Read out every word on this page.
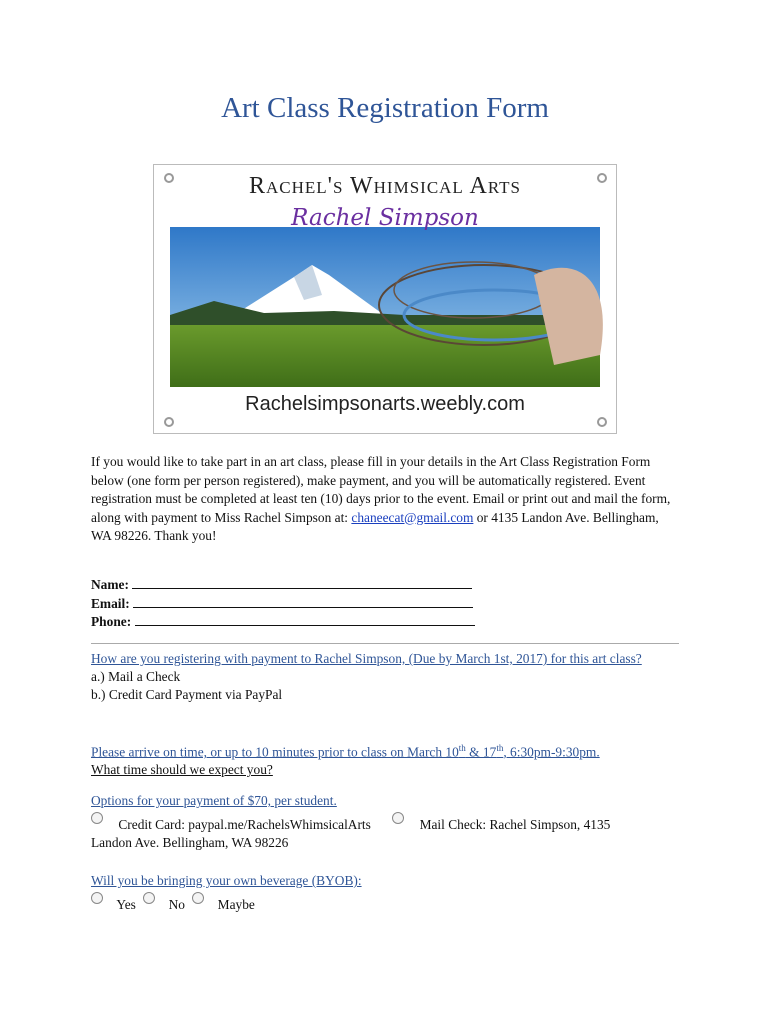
Art Class Registration Form
Rachel's Whimsical Arts
Rachel Simpson
Rachelsimpsonarts.weebly.com
If you would like to take part in an art class, please fill in your details in the Art Class Registration Form below (one form per person registered), make payment, and you will be automatically registered. Event registration must be completed at least ten (10) days prior to the event. Email or print out and mail the form, along with payment to Miss Rachel Simpson at: chaneecat@gmail.com or 4135 Landon Ave. Bellingham, WA 98226. Thank you!
Name:
Email:
Phone:
How are you registering with payment to Rachel Simpson, (Due by March 1st, 2017) for this art class?
a.) Mail a Check
b.) Credit Card Payment via PayPal
Please arrive on time, or up to 10 minutes prior to class on March 10th & 17th, 6:30pm-9:30pm.
What time should we expect you?
Options for your payment of $70, per student.
Credit Card: paypal.me/RachelsWhimsicalArts	Mail Check: Rachel Simpson, 4135
Landon Ave. Bellingham, WA 98226
Will you be bringing your own beverage (BYOB):
Yes No Maybe
